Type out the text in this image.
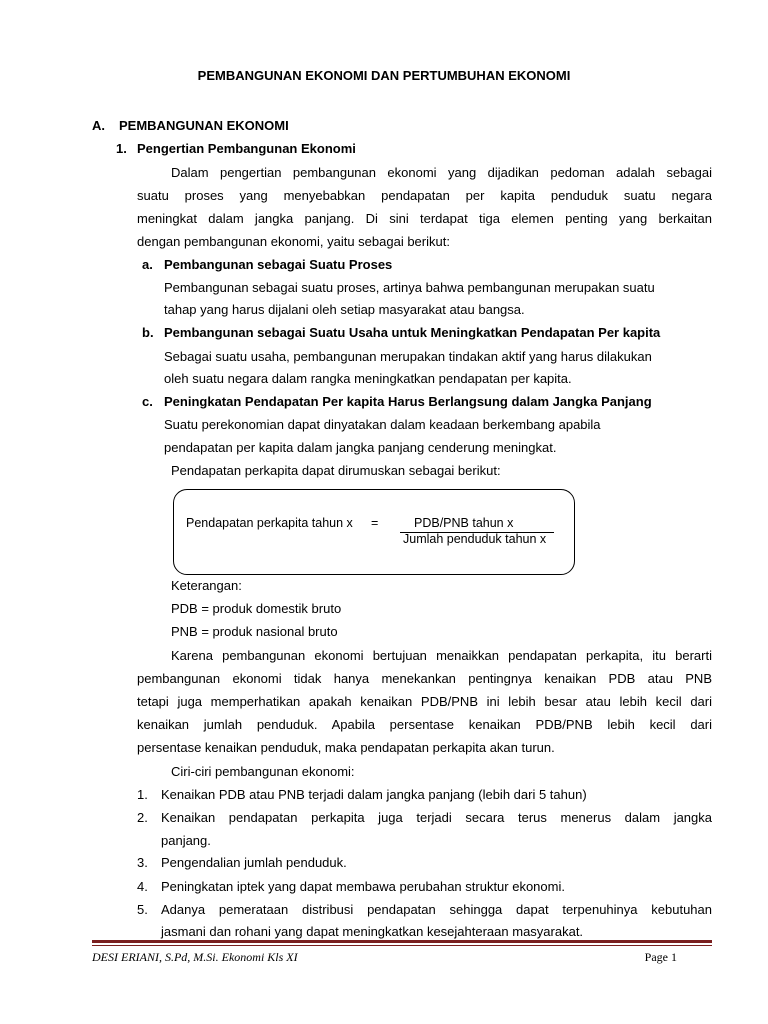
PEMBANGUNAN EKONOMI DAN PERTUMBUHAN EKONOMI
A. PEMBANGUNAN EKONOMI
1. Pengertian Pembangunan Ekonomi
Dalam pengertian pembangunan ekonomi yang dijadikan pedoman adalah sebagai
suatu proses yang menyebabkan pendapatan per kapita penduduk suatu negara
meningkat dalam jangka panjang. Di sini terdapat tiga elemen penting yang berkaitan
dengan pembangunan ekonomi, yaitu sebagai berikut:
a. Pembangunan sebagai Suatu Proses
Pembangunan sebagai suatu proses, artinya bahwa pembangunan merupakan suatu
tahap yang harus dijalani oleh setiap masyarakat atau bangsa.
b. Pembangunan sebagai Suatu Usaha untuk Meningkatkan Pendapatan Per kapita
Sebagai suatu usaha, pembangunan merupakan tindakan aktif yang harus dilakukan
oleh suatu negara dalam rangka meningkatkan pendapatan per kapita.
c. Peningkatan Pendapatan Per kapita Harus Berlangsung dalam Jangka Panjang
Suatu perekonomian dapat dinyatakan dalam keadaan berkembang apabila
pendapatan per kapita dalam jangka panjang cenderung meningkat.
Pendapatan perkapita dapat dirumuskan sebagai berikut:
Pendapatan perkapita tahun x =	PDB/PNB tahun x
Jumlah penduduk tahun x
Keterangan:
PDB = produk domestik bruto
PNB = produk nasional bruto
Karena pembangunan ekonomi bertujuan menaikkan pendapatan perkapita, itu berarti
pembangunan ekonomi tidak hanya menekankan pentingnya kenaikan PDB atau PNB
tetapi juga memperhatikan apakah kenaikan PDB/PNB ini lebih besar atau lebih kecil dari
kenaikan jumlah penduduk. Apabila persentase kenaikan PDB/PNB lebih kecil dari
persentase kenaikan penduduk, maka pendapatan perkapita akan turun.
Ciri-ciri pembangunan ekonomi:
1. Kenaikan PDB atau PNB terjadi dalam jangka panjang (lebih dari 5 tahun)
2. Kenaikan pendapatan perkapita juga terjadi secara terus menerus dalam jangka
panjang.
3. Pengendalian jumlah penduduk.
4. Peningkatan iptek yang dapat membawa perubahan struktur ekonomi.
5. Adanya pemerataan distribusi pendapatan sehingga dapat terpenuhinya kebutuhan
jasmani dan rohani yang dapat meningkatkan kesejahteraan masyarakat.
DESI ERIANI, S.Pd, M.Si. Ekonomi Kls XI	Page 1
